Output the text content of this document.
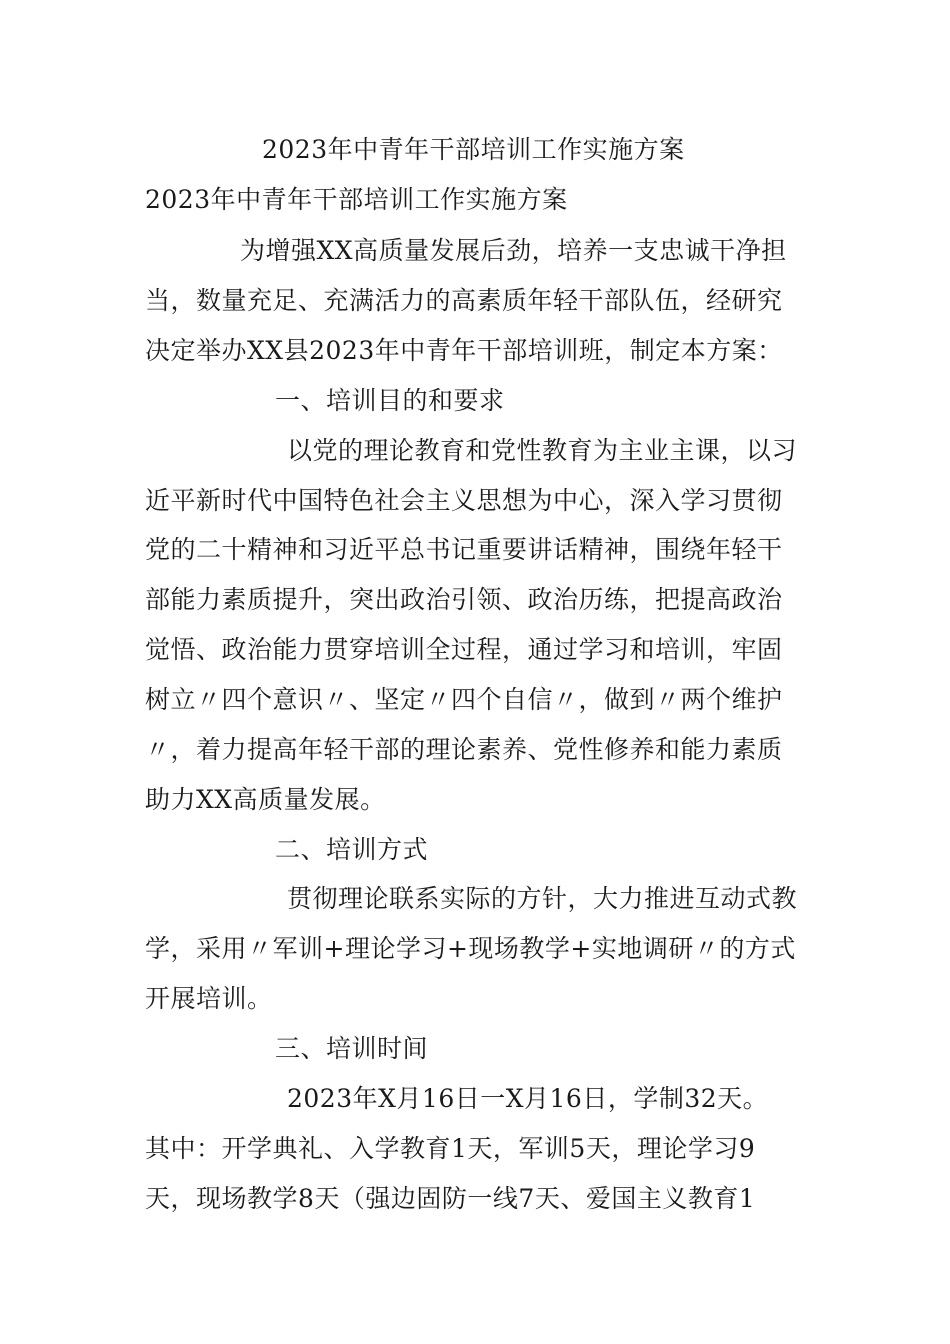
2023年中青年干部培训工作实施方案
2023年中青年干部培训工作实施方案
为增强XX高质量发展后劲，培养一支忠诚干净担
当，数量充足、充满活力的高素质年轻干部队伍，经研究
决定举办XX县2023年中青年干部培训班，制定本方案：
一、培训目的和要求
以党的理论教育和党性教育为主业主课，以习
近平新时代中国特色社会主义思想为中心，深入学习贯彻
党的二十精神和习近平总书记重要讲话精神，围绕年轻干
部能力素质提升，突出政治引领、政治历练，把提高政治
觉悟、政治能力贯穿培训全过程，通过学习和培训，牢固
树立〃四个意识〃、坚定〃四个自信〃，做到〃两个维护
〃，着力提高年轻干部的理论素养、党性修养和能力素质
助力XX高质量发展。
二、培训方式
贯彻理论联系实际的方针，大力推进互动式教
学，采用〃军训+理论学习+现场教学+实地调研〃的方式
开展培训。
三、培训时间
2023年X月16日一X月16日，学制32天。
其中：开学典礼、入学教育1天，军训5天，理论学习9
天，现场教学8天（强边固防一线7天、爱国主义教育1
